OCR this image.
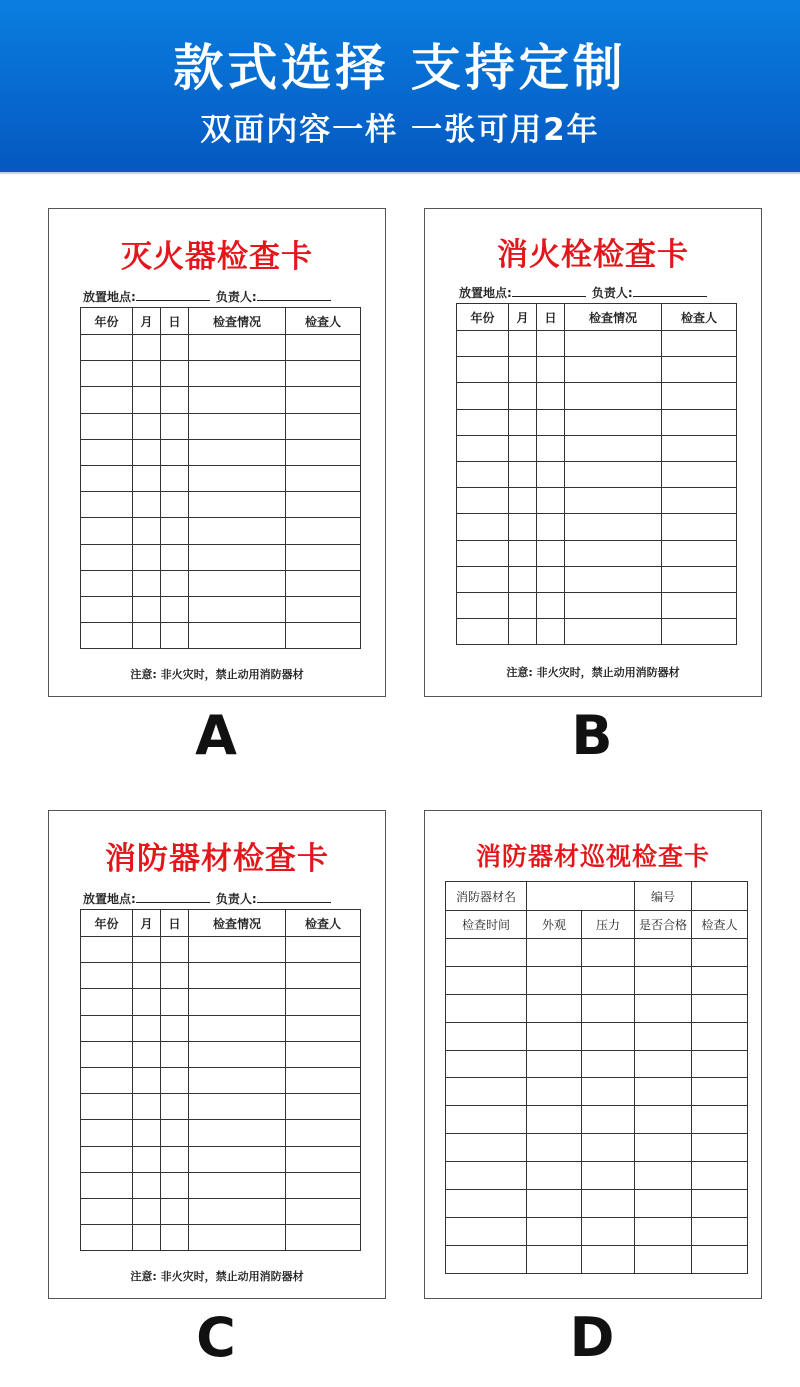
款式选择 支持定制
双面内容一样 一张可用2年
灭火器检查卡
放置地点:	负责人:
年份	月	日	检查情况	检查人

注意: 非火灾时，禁止动用消防器材
A
消火栓检查卡
放置地点:	负责人:
年份	月	日	检查情况	检查人

注意: 非火灾时，禁止动用消防器材
B
消防器材检查卡
放置地点:	负责人:
年份	月	日	检查情况	检查人

注意: 非火灾时，禁止动用消防器材
C
消防器材巡视检查卡
消防器材名			编号	
检查时间	外观	压力	是否合格	检查人

D
